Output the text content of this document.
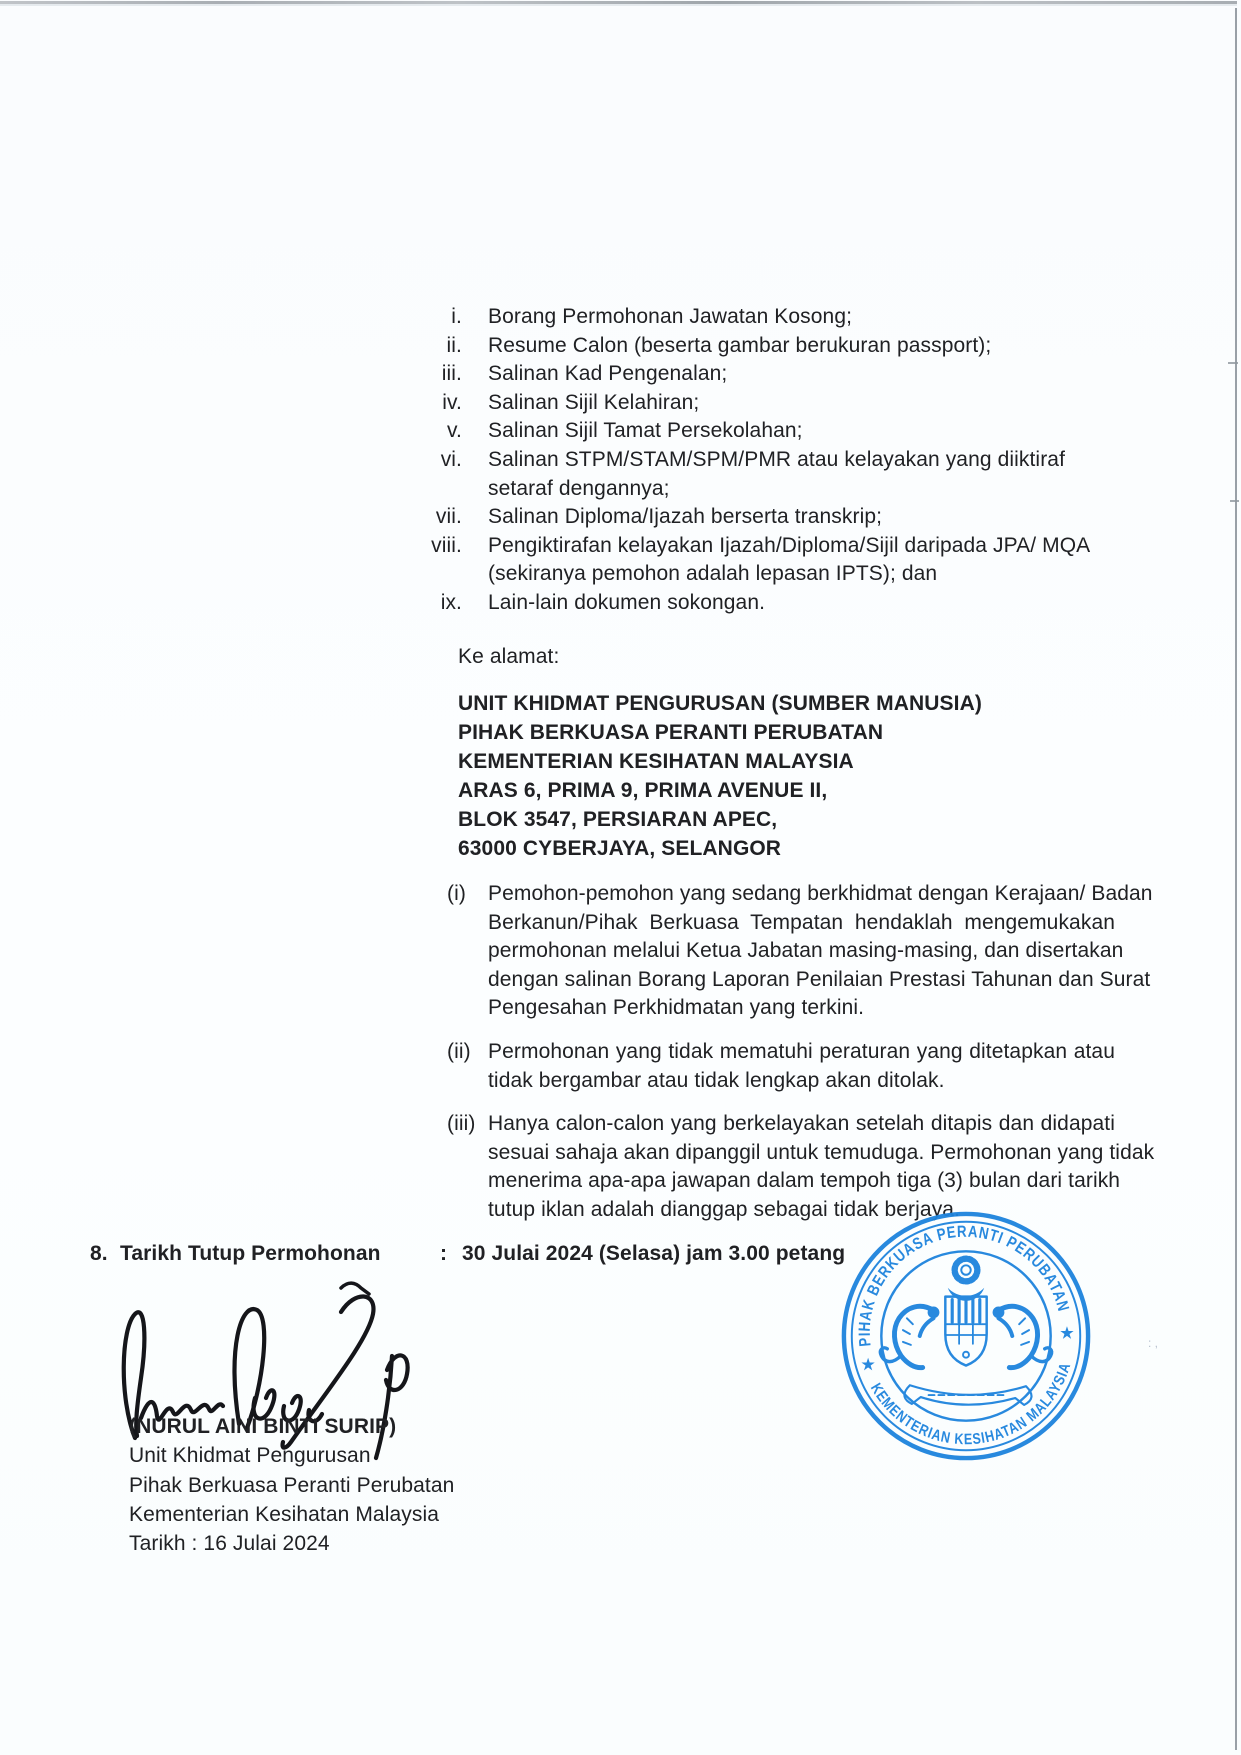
: ,
i. Borang Permohonan Jawatan Kosong;
ii. Resume Calon (beserta gambar berukuran passport);
iii. Salinan Kad Pengenalan;
iv. Salinan Sijil Kelahiran;
v. Salinan Sijil Tamat Persekolahan;
vi. Salinan STPM/STAM/SPM/PMR atau kelayakan yang diiktiraf
setaraf dengannya;
vii. Salinan Diploma/Ijazah berserta transkrip;
viii. Pengiktirafan kelayakan Ijazah/Diploma/Sijil daripada JPA/ MQA
(sekiranya pemohon adalah lepasan IPTS); dan
ix. Lain-lain dokumen sokongan.
Ke alamat:
UNIT KHIDMAT PENGURUSAN (SUMBER MANUSIA)
PIHAK BERKUASA PERANTI PERUBATAN
KEMENTERIAN KESIHATAN MALAYSIA
ARAS 6, PRIMA 9, PRIMA AVENUE II,
BLOK 3547, PERSIARAN APEC,
63000 CYBERJAYA, SELANGOR
(i)	Pemohon-pemohon yang sedang berkhidmat dengan Kerajaan/ Badan
Berkanun/Pihak Berkuasa Tempatan hendaklah mengemukakan
permohonan melalui Ketua Jabatan masing-masing, dan disertakan
dengan salinan Borang Laporan Penilaian Prestasi Tahunan dan Surat
Pengesahan Perkhidmatan yang terkini.
(ii) Permohonan yang tidak mematuhi peraturan yang ditetapkan atau
tidak bergambar atau tidak lengkap akan ditolak.
(iii) Hanya calon-calon yang berkelayakan setelah ditapis dan didapati
sesuai sahaja akan dipanggil untuk temuduga. Permohonan yang tidak
menerima apa-apa jawapan dalam tempoh tiga (3) bulan dari tarikh
tutup iklan adalah dianggap sebagai tidak berjaya.
8. Tarikh Tutup Permohonan	: 30 Julai 2024 (Selasa) jam 3.00 petang
(NURUL AINI BINTI SURIP)
Unit Khidmat Pengurusan
Pihak Berkuasa Peranti Perubatan
Kementerian Kesihatan Malaysia
Tarikh : 16 Julai 2024
PIHAK BERKUASA PERANTI PERUBATAN
KEMENTERIAN KESIHATAN MALAYSIA
★
★
